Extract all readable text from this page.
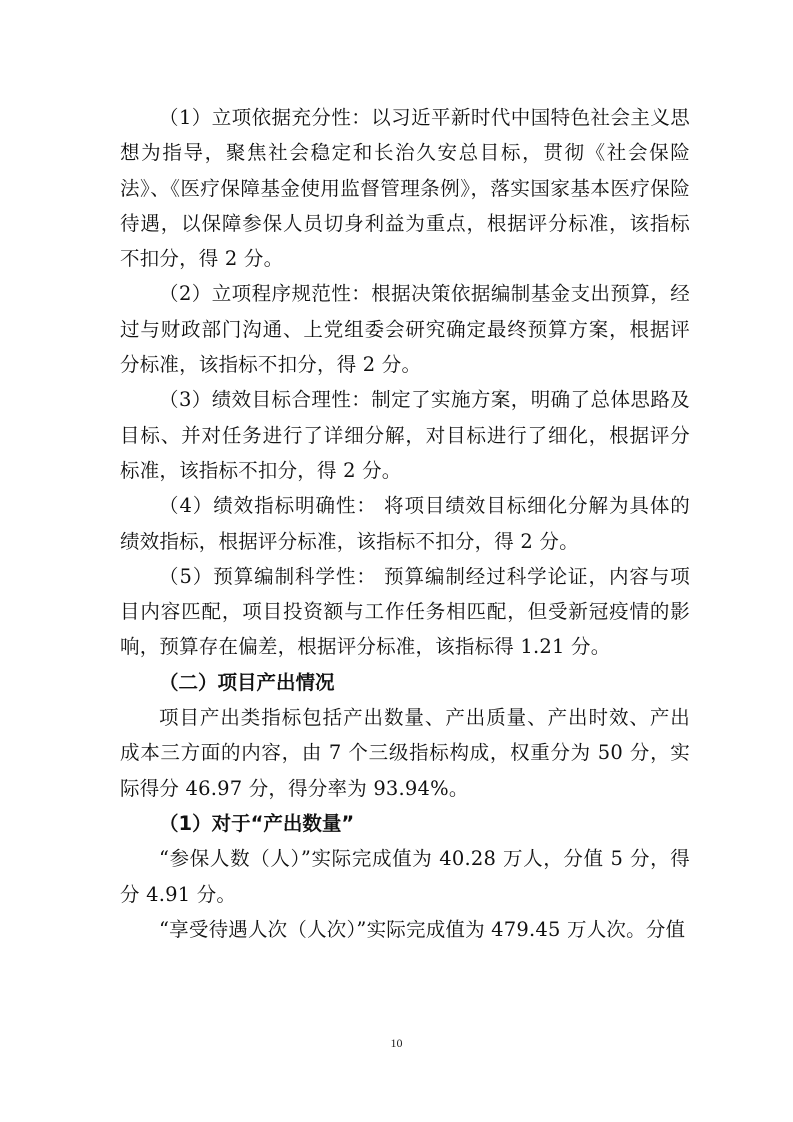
（1）立项依据充分性：以习近平新时代中国特色社会主义思想为指导，聚焦社会稳定和长治久安总目标，贯彻《社会保险法》、《医疗保障基金使用监督管理条例》，落实国家基本医疗保险待遇，以保障参保人员切身利益为重点，根据评分标准，该指标不扣分，得 2 分。

（2）立项程序规范性：根据决策依据编制基金支出预算，经过与财政部门沟通、上党组委会研究确定最终预算方案，根据评分标准，该指标不扣分，得 2 分。

（3）绩效目标合理性：制定了实施方案，明确了总体思路及目标、并对任务进行了详细分解，对目标进行了细化，根据评分标准，该指标不扣分，得 2 分。

（4）绩效指标明确性： 将项目绩效目标细化分解为具体的绩效指标，根据评分标准，该指标不扣分，得 2 分。

（5）预算编制科学性： 预算编制经过科学论证，内容与项目内容匹配，项目投资额与工作任务相匹配，但受新冠疫情的影响，预算存在偏差，根据评分标准，该指标得 1.21 分。

（二）项目产出情况

项目产出类指标包括产出数量、产出质量、产出时效、产出成本三方面的内容，由 7 个三级指标构成，权重分为 50 分，实际得分 46.97 分，得分率为 93.94%。

（1）对于“产出数量”

“参保人数（人）”实际完成值为 40.28 万人，分值 5 分，得分 4.91 分。

“享受待遇人次（人次）”实际完成值为 479.45 万人次。分值

10
